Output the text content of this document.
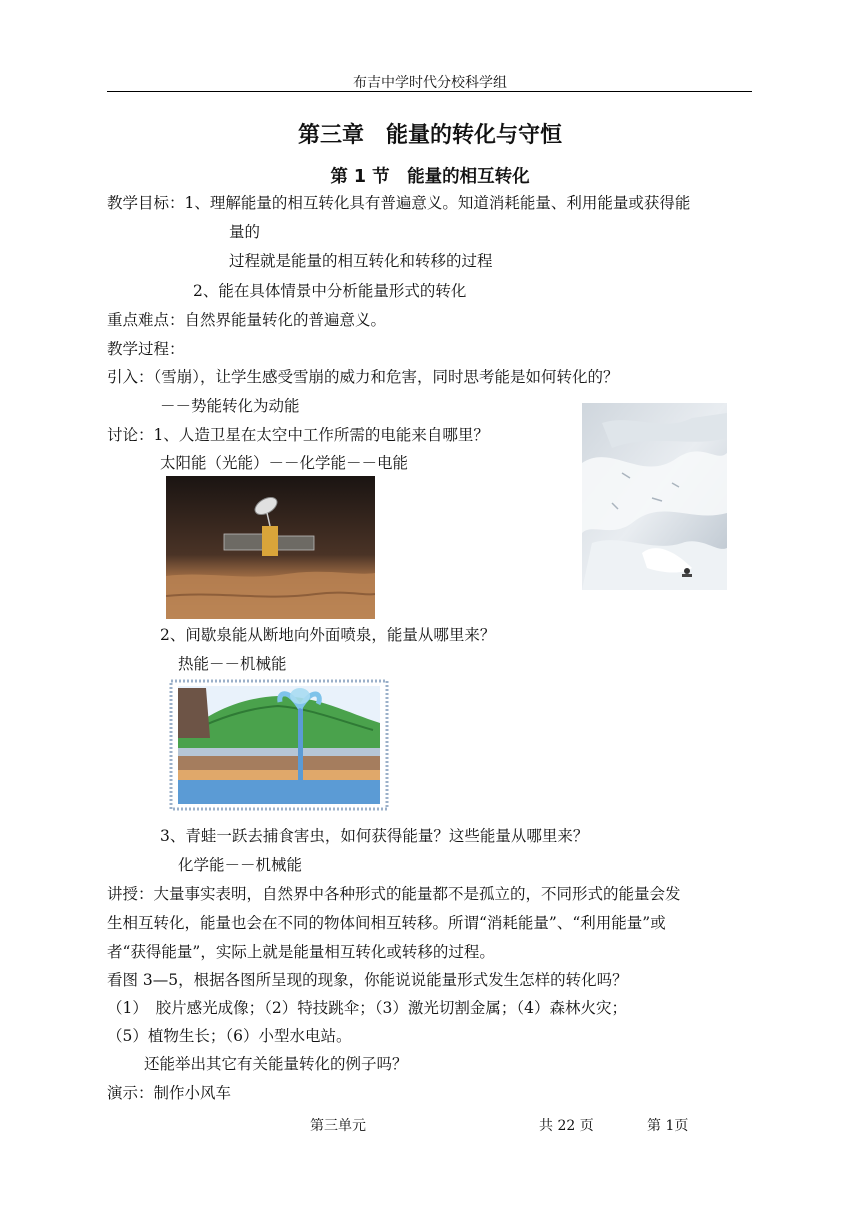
布吉中学时代分校科学组
第三章　能量的转化与守恒
第 1 节　能量的相互转化
教学目标：1、理解能量的相互转化具有普遍意义。知道消耗能量、利用能量或获得能
量的
过程就是能量的相互转化和转移的过程
2、能在具体情景中分析能量形式的转化
重点难点：自然界能量转化的普遍意义。
教学过程：
引入：（雪崩），让学生感受雪崩的威力和危害，同时思考能是如何转化的？
－－势能转化为动能
讨论：1、人造卫星在太空中工作所需的电能来自哪里？
太阳能（光能）－－化学能－－电能
2、间歇泉能从断地向外面喷泉，能量从哪里来？
热能－－机械能
3、青蛙一跃去捕食害虫，如何获得能量？这些能量从哪里来？
化学能－－机械能
讲授：大量事实表明，自然界中各种形式的能量都不是孤立的，不同形式的能量会发
生相互转化，能量也会在不同的物体间相互转移。所谓“消耗能量”、“利用能量”或
者“获得能量”，实际上就是能量相互转化或转移的过程。
看图 3—5，根据各图所呈现的现象，你能说说能量形式发生怎样的转化吗？
（1）　胶片感光成像；（2）特技跳伞；（3）激光切割金属；（4）森林火灾；
（5）植物生长；（6）小型水电站。
还能举出其它有关能量转化的例子吗？
演示：制作小风车
第三单元	共 22 页	第 1页
